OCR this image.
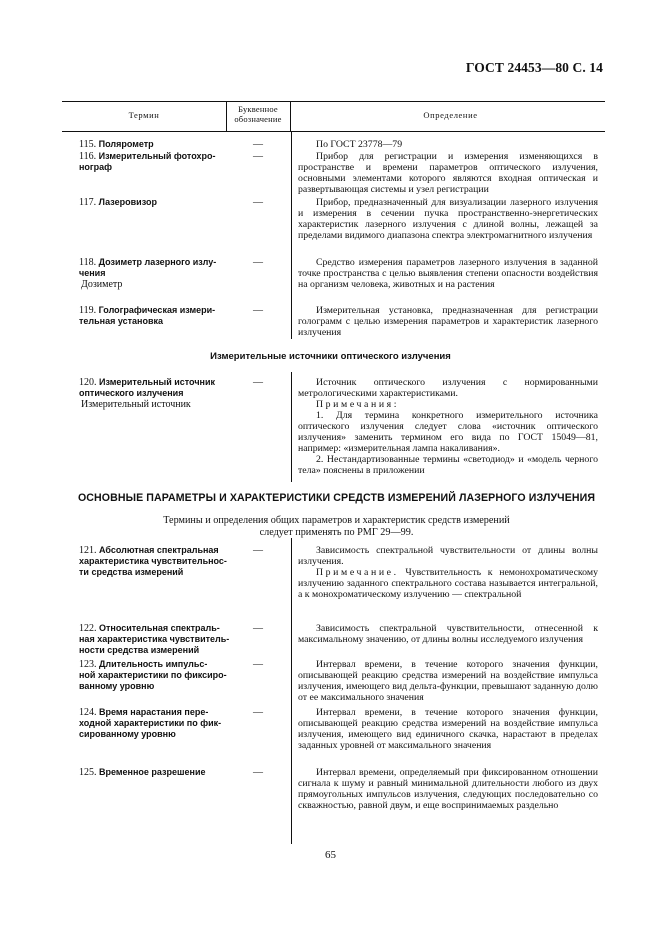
ГОСТ 24453—80 С. 14
Термин
Буквенное
обозначение	Определение
115. Полярометр	—	По ГОСТ 23778—79

116. Измерительный фотохро-
нограф
—	Прибор для регистрации и измерения изменяющихся в пространстве и времени параметров оптического излучения, основными элементами которого являются входная оптическая и развертывающая системы и узел регистрации

117. Лазеровизор	—	Прибор, предназначенный для визуализации лазерного излучения и измерения в сечении пучка пространственно-энергетических характеристик лазерного излучения с длиной волны, лежащей за пределами видимого диапазона спектра электромагнитного излучения

118. Дозиметр лазерного излу-
чения
Дозиметр
—	Средство измерения параметров лазерного излучения в заданной точке пространства с целью выявления степени опасности воздействия на организм человека, животных и на растения

119. Голографическая измери-
тельная установка
—	Измерительная установка, предназначенная для регистрации голограмм с целью измерения параметров и характеристик лазерного излучения

Измерительные источники оптического излучения
120. Измерительный источник
оптического излучения
Измерительный источник
—	Источник оптического излучения с нормированными метрологическими характеристиками.

Примечания:

1. Для термина конкретного измерительного источника оптического излучения следует слова «источник оптического излучения» заменить термином его вида по ГОСТ 15049—81, например: «измерительная лампа накаливания».

2. Нестандартизованные термины «светодиод» и «модель черного тела» пояснены в приложении

ОСНОВНЫЕ ПАРАМЕТРЫ И ХАРАКТЕРИСТИКИ СРЕДСТВ ИЗМЕРЕНИЙ ЛАЗЕРНОГО ИЗЛУЧЕНИЯ
Термины и определения общих параметров и характеристик средств измерений
следует применять по РМГ 29—99.
121. Абсолютная спектральная
характеристика чувствительнос-
ти средства измерений
—	Зависимость спектральной чувствительности от длины волны излучения.

Примечание. Чувствительность к немонохроматическому излучению заданного спектрального состава называется интегральной, а к монохроматическому излучению — спектральной

122. Относительная спектраль-
ная характеристика чувствитель-
ности средства измерений
—	Зависимость спектральной чувствительности, отнесенной к максимальному значению, от длины волны исследуемого излучения

123. Длительность импульс-
ной характеристики по фиксиро-
ванному уровню
—	Интервал времени, в течение которого значения функции, описывающей реакцию средства измерений на воздействие импульса излучения, имеющего вид дельта-функции, превышают заданную долю от ее максимального значения

124. Время нарастания пере-
ходной характеристики по фик-
сированному уровню
—	Интервал времени, в течение которого значения функции, описывающей реакцию средства измерений на воздействие импульса излучения, имеющего вид единичного скачка, нарастают в пределах заданных уровней от максимального значения

125. Временное разрешение	—	Интервал времени, определяемый при фиксированном отношении сигнала к шуму и равный минимальной длительности любого из двух прямоугольных импульсов излучения, следующих последовательно со скважностью, равной двум, и еще воспринимаемых раздельно

65
